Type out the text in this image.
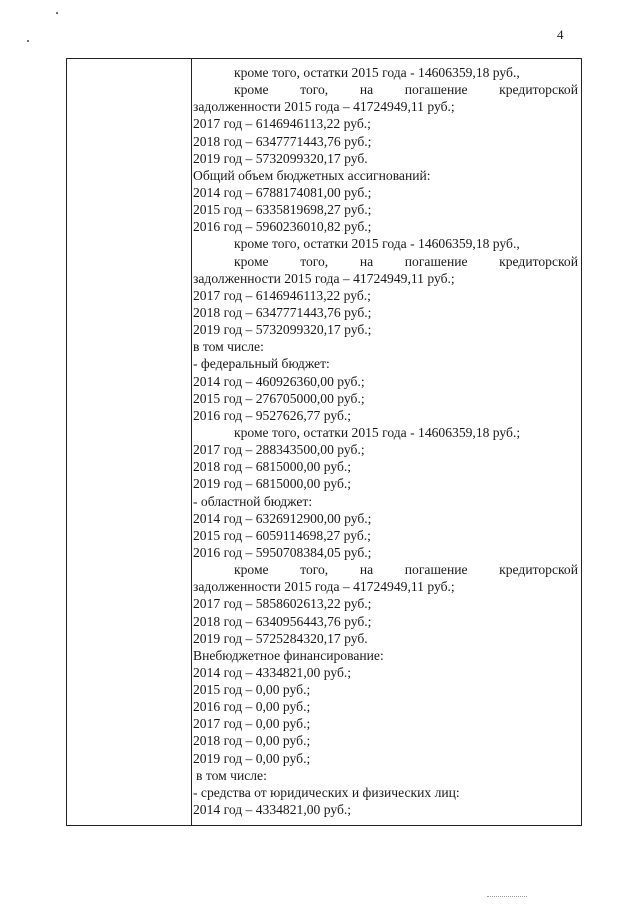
4
кроме того, остатки 2015 года - 14606359,18 руб.,
кроме того, на погашение кредиторской
задолженности 2015 года – 41724949,11 руб.;
2017 год – 6146946113,22 руб.;
2018 год – 6347771443,76 руб.;
2019 год – 5732099320,17 руб.
Общий объем бюджетных ассигнований:
2014 год – 6788174081,00 руб.;
2015 год – 6335819698,27 руб.;
2016 год – 5960236010,82 руб.;
кроме того, остатки 2015 года - 14606359,18 руб.,
кроме того, на погашение кредиторской
задолженности 2015 года – 41724949,11 руб.;
2017 год – 6146946113,22 руб.;
2018 год – 6347771443,76 руб.;
2019 год – 5732099320,17 руб.;
в том числе:
- федеральный бюджет:
2014 год – 460926360,00 руб.;
2015 год – 276705000,00 руб.;
2016 год – 9527626,77 руб.;
кроме того, остатки 2015 года - 14606359,18 руб.;
2017 год – 288343500,00 руб.;
2018 год – 6815000,00 руб.;
2019 год – 6815000,00 руб.;
- областной бюджет:
2014 год – 6326912900,00 руб.;
2015 год – 6059114698,27 руб.;
2016 год – 5950708384,05 руб.;
кроме того, на погашение кредиторской
задолженности 2015 года – 41724949,11 руб.;
2017 год – 5858602613,22 руб.;
2018 год – 6340956443,76 руб.;
2019 год – 5725284320,17 руб.
Внебюджетное финансирование:
2014 год – 4334821,00 руб.;
2015 год – 0,00 руб.;
2016 год – 0,00 руб.;
2017 год – 0,00 руб.;
2018 год – 0,00 руб.;
2019 год – 0,00 руб.;
в том числе:
- средства от юридических и физических лиц:
2014 год – 4334821,00 руб.;
